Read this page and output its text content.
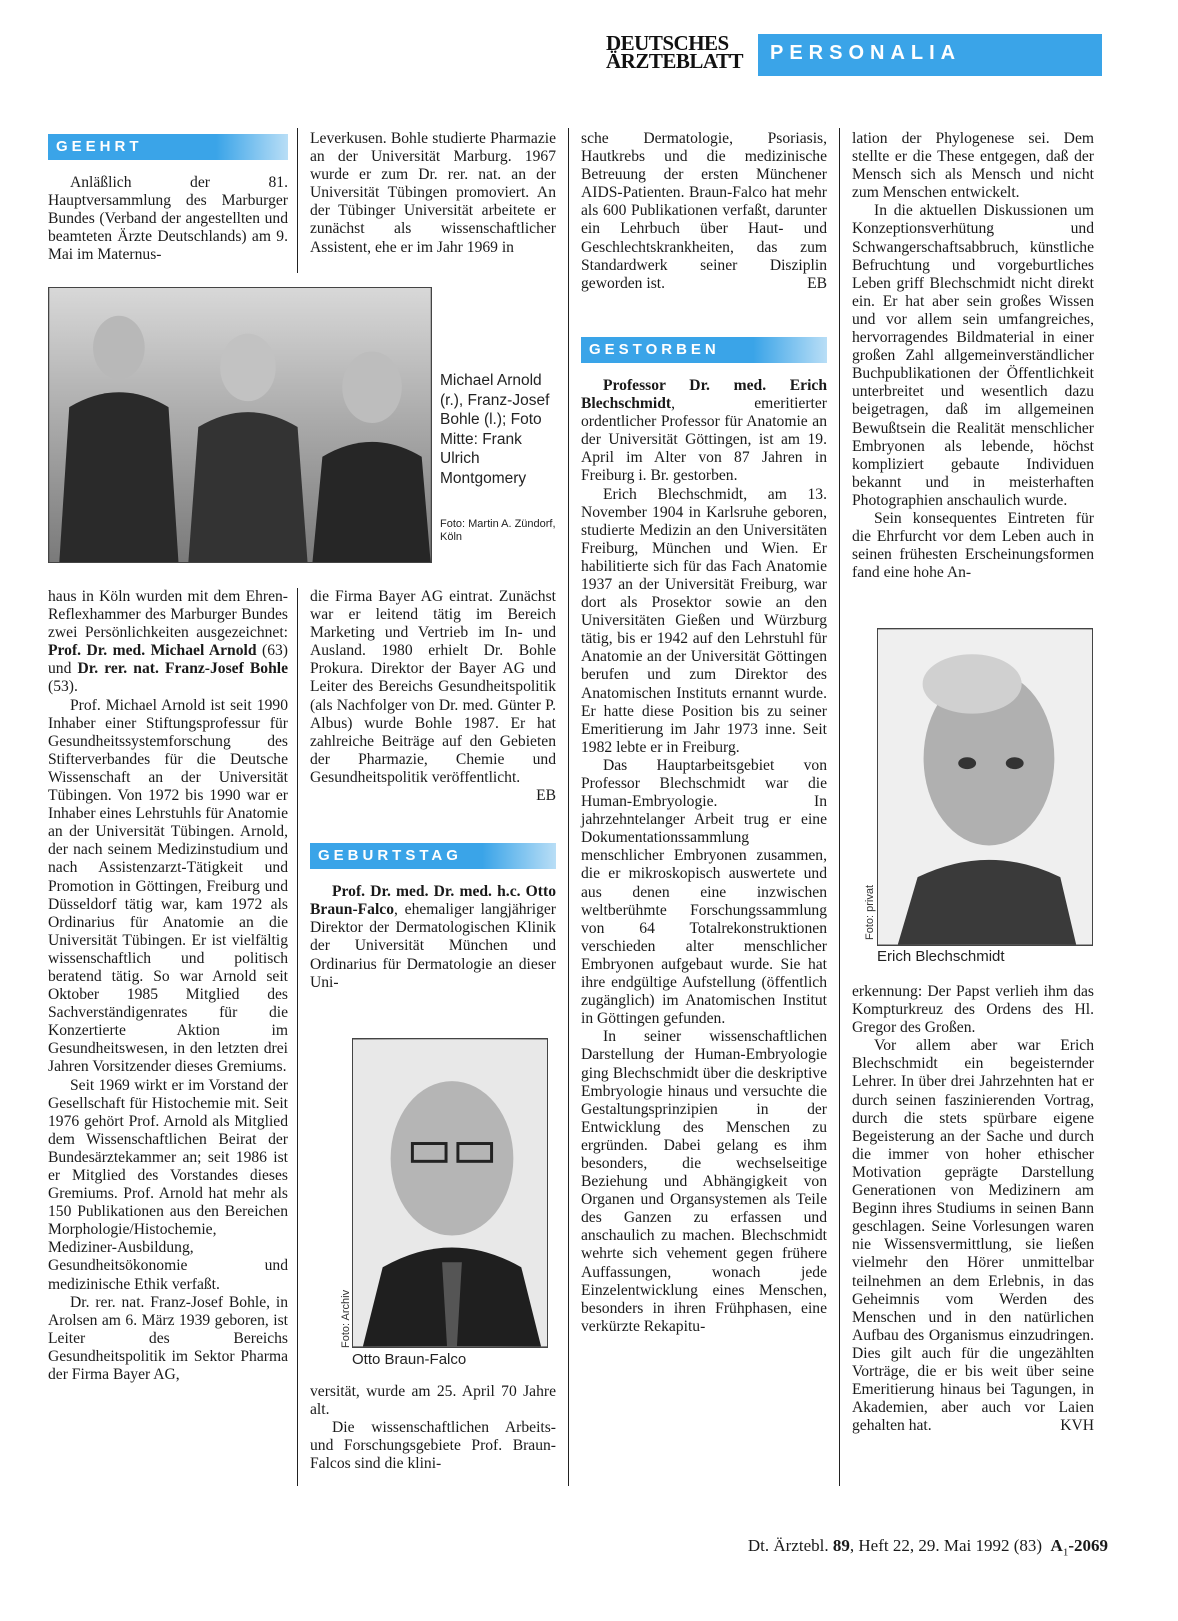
DEUTSCHES
ÄRZTEBLATT	PERSONALIA
GEEHRT

Anläßlich der 81. Hauptversammlung des Marburger Bundes (Verband der angestellten und beamteten Ärzte Deutschlands) am 9. Mai im Maternus-

Leverkusen. Bohle studierte Pharmazie an der Universität Marburg. 1967 wurde er zum Dr. rer. nat. an der Universität Tübingen promoviert. An der Tübinger Universität arbeitete er zunächst als wissenschaftlicher Assistent, ehe er im Jahr 1969 in

Michael Arnold (r.), Franz-Josef Bohle (l.); Foto Mitte: Frank Ulrich Montgomery
Foto: Martin A. Zündorf, Köln

haus in Köln wurden mit dem Ehren-Reflexhammer des Marburger Bundes zwei Persönlichkeiten ausgezeichnet: Prof. Dr. med. Michael Arnold (63) und Dr. rer. nat. Franz-Josef Bohle (53).

Prof. Michael Arnold ist seit 1990 Inhaber einer Stiftungsprofessur für Gesundheitssystemforschung des Stifterverbandes für die Deutsche Wissenschaft an der Universität Tübingen. Von 1972 bis 1990 war er Inhaber eines Lehrstuhls für Anatomie an der Universität Tübingen. Arnold, der nach seinem Medizinstudium und nach Assistenzarzt-Tätigkeit und Promotion in Göttingen, Freiburg und Düsseldorf tätig war, kam 1972 als Ordinarius für Anatomie an die Universität Tübingen. Er ist vielfältig wissenschaftlich und politisch beratend tätig. So war Arnold seit Oktober 1985 Mitglied des Sachverständigenrates für die Konzertierte Aktion im Gesundheitswesen, in den letzten drei Jahren Vorsitzender dieses Gremiums.

Seit 1969 wirkt er im Vorstand der Gesellschaft für Histochemie mit. Seit 1976 gehört Prof. Arnold als Mitglied dem Wissenschaftlichen Beirat der Bundesärztekammer an; seit 1986 ist er Mitglied des Vorstandes dieses Gremiums. Prof. Arnold hat mehr als 150 Publikationen aus den Bereichen Morphologie/Histochemie, Mediziner-Ausbildung, Gesundheitsökonomie und medizinische Ethik verfaßt.

Dr. rer. nat. Franz-Josef Bohle, in Arolsen am 6. März 1939 geboren, ist Leiter des Bereichs Gesundheitspolitik im Sektor Pharma der Firma Bayer AG,

die Firma Bayer AG eintrat. Zunächst war er leitend tätig im Bereich Marketing und Vertrieb im In- und Ausland. 1980 erhielt Dr. Bohle Prokura. Direktor der Bayer AG und Leiter des Bereichs Gesundheitspolitik (als Nachfolger von Dr. med. Günter P. Albus) wurde Bohle 1987. Er hat zahlreiche Beiträge auf den Gebieten der Pharmazie, Chemie und Gesundheitspolitik veröffentlicht.

EB

GEBURTSTAG

Prof. Dr. med. Dr. med. h.c. Otto Braun-Falco, ehemaliger langjähriger Direktor der Dermatologischen Klinik der Universität München und Ordinarius für Dermatologie an dieser Uni-

Foto: Archiv
Otto Braun-Falco

versität, wurde am 25. April 70 Jahre alt.

Die wissenschaftlichen Arbeits- und Forschungsgebiete Prof. Braun-Falcos sind die klini-

sche Dermatologie, Psoriasis, Hautkrebs und die medizinische Betreuung der ersten Münchener AIDS-Patienten. Braun-Falco hat mehr als 600 Publikationen verfaßt, darunter ein Lehrbuch über Haut- und Geschlechtskrankheiten, das zum Standardwerk seiner Disziplin geworden ist.	EB

GESTORBEN

Professor Dr. med. Erich Blechschmidt, emeritierter ordentlicher Professor für Anatomie an der Universität Göttingen, ist am 19. April im Alter von 87 Jahren in Freiburg i. Br. gestorben.

Erich Blechschmidt, am 13. November 1904 in Karlsruhe geboren, studierte Medizin an den Universitäten Freiburg, München und Wien. Er habilitierte sich für das Fach Anatomie 1937 an der Universität Freiburg, war dort als Prosektor sowie an den Universitäten Gießen und Würzburg tätig, bis er 1942 auf den Lehrstuhl für Anatomie an der Universität Göttingen berufen und zum Direktor des Anatomischen Instituts ernannt wurde. Er hatte diese Position bis zu seiner Emeritierung im Jahr 1973 inne. Seit 1982 lebte er in Freiburg.

Das Hauptarbeitsgebiet von Professor Blechschmidt war die Human-Embryologie. In jahrzehntelanger Arbeit trug er eine Dokumentationssammlung menschlicher Embryonen zusammen, die er mikroskopisch auswertete und aus denen eine inzwischen weltberühmte Forschungssammlung von 64 Totalrekonstruktionen verschieden alter menschlicher Embryonen aufgebaut wurde. Sie hat ihre endgültige Aufstellung (öffentlich zugänglich) im Anatomischen Institut in Göttingen gefunden.

In seiner wissenschaftlichen Darstellung der Human-Embryologie ging Blechschmidt über die deskriptive Embryologie hinaus und versuchte die Gestaltungsprinzipien in der Entwicklung des Menschen zu ergründen. Dabei gelang es ihm besonders, die wechselseitige Beziehung und Abhängigkeit von Organen und Organsystemen als Teile des Ganzen zu erfassen und anschaulich zu machen. Blechschmidt wehrte sich vehement gegen frühere Auffassungen, wonach jede Einzelentwicklung eines Menschen, besonders in ihren Frühphasen, eine verkürzte Rekapitu-

lation der Phylogenese sei. Dem stellte er die These entgegen, daß der Mensch sich als Mensch und nicht zum Menschen entwickelt.

In die aktuellen Diskussionen um Konzeptionsverhütung und Schwangerschaftsabbruch, künstliche Befruchtung und vorgeburtliches Leben griff Blechschmidt nicht direkt ein. Er hat aber sein großes Wissen und vor allem sein umfangreiches, hervorragendes Bildmaterial in einer großen Zahl allgemeinverständlicher Buchpublikationen der Öffentlichkeit unterbreitet und wesentlich dazu beigetragen, daß im allgemeinen Bewußtsein die Realität menschlicher Embryonen als lebende, höchst kompliziert gebaute Individuen bekannt und in meisterhaften Photographien anschaulich wurde.

Sein konsequentes Eintreten für die Ehrfurcht vor dem Leben auch in seinen frühesten Erscheinungsformen fand eine hohe An-

Foto: privat
Erich Blechschmidt

erkennung: Der Papst verlieh ihm das Kompturkreuz des Ordens des Hl. Gregor des Großen.

Vor allem aber war Erich Blechschmidt ein begeisternder Lehrer. In über drei Jahrzehnten hat er durch seinen faszinierenden Vortrag, durch die stets spürbare eigene Begeisterung an der Sache und durch die immer von hoher ethischer Motivation geprägte Darstellung Generationen von Medizinern am Beginn ihres Studiums in seinen Bann geschlagen. Seine Vorlesungen waren nie Wissensvermittlung, sie ließen vielmehr den Hörer unmittelbar teilnehmen an dem Erlebnis, in das Geheimnis vom Werden des Menschen und in den natürlichen Aufbau des Organismus einzudringen. Dies gilt auch für die ungezählten Vorträge, die er bis weit über seine Emeritierung hinaus bei Tagungen, in Akademien, aber auch vor Laien gehalten hat.	KVH

Dt. Ärztebl. 89, Heft 22, 29. Mai 1992 (83) $A_1-2069$
